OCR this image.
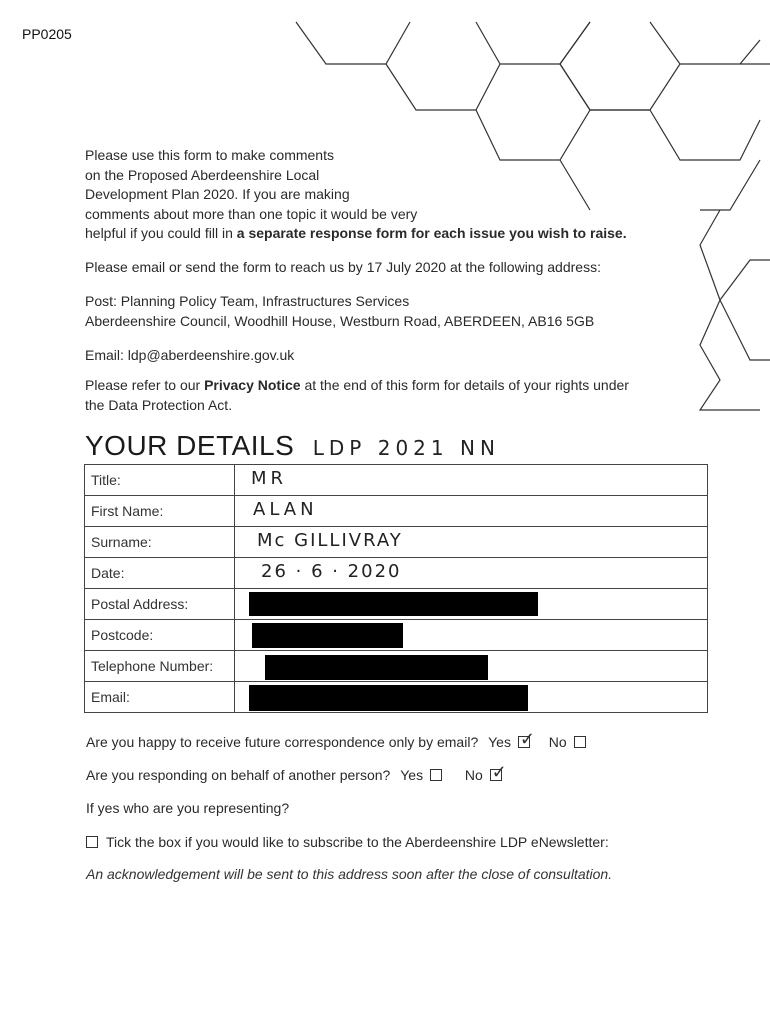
PP0205
Please use this form to make comments
on the Proposed Aberdeenshire Local
Development Plan 2020. If you are making
comments about more than one topic it would be very
helpful if you could fill in a separate response form for each issue you wish to raise.
Please email or send the form to reach us by 17 July 2020 at the following address:
Post: Planning Policy Team, Infrastructures Services
Aberdeenshire Council, Woodhill House, Westburn Road, ABERDEEN, AB16 5GB
Email: ldp@aberdeenshire.gov.uk
Please refer to our Privacy Notice at the end of this form for details of your rights under
the Data Protection Act.
YOUR DETAILS LDP 2021 NN
Title:	MR

First Name:	ALAN

Surname:	Mc GILLIVRAY

Date:	26 · 6 · 2020

Postal Address:	

Postcode:	

Telephone Number:	

Email:	
Are you happy to receive future correspondence only by email? Yes ✓ No
Are you responding on behalf of another person? Yes	No ✓
If yes who are you representing?
Tick the box if you would like to subscribe to the Aberdeenshire LDP eNewsletter:
An acknowledgement will be sent to this address soon after the close of consultation.
